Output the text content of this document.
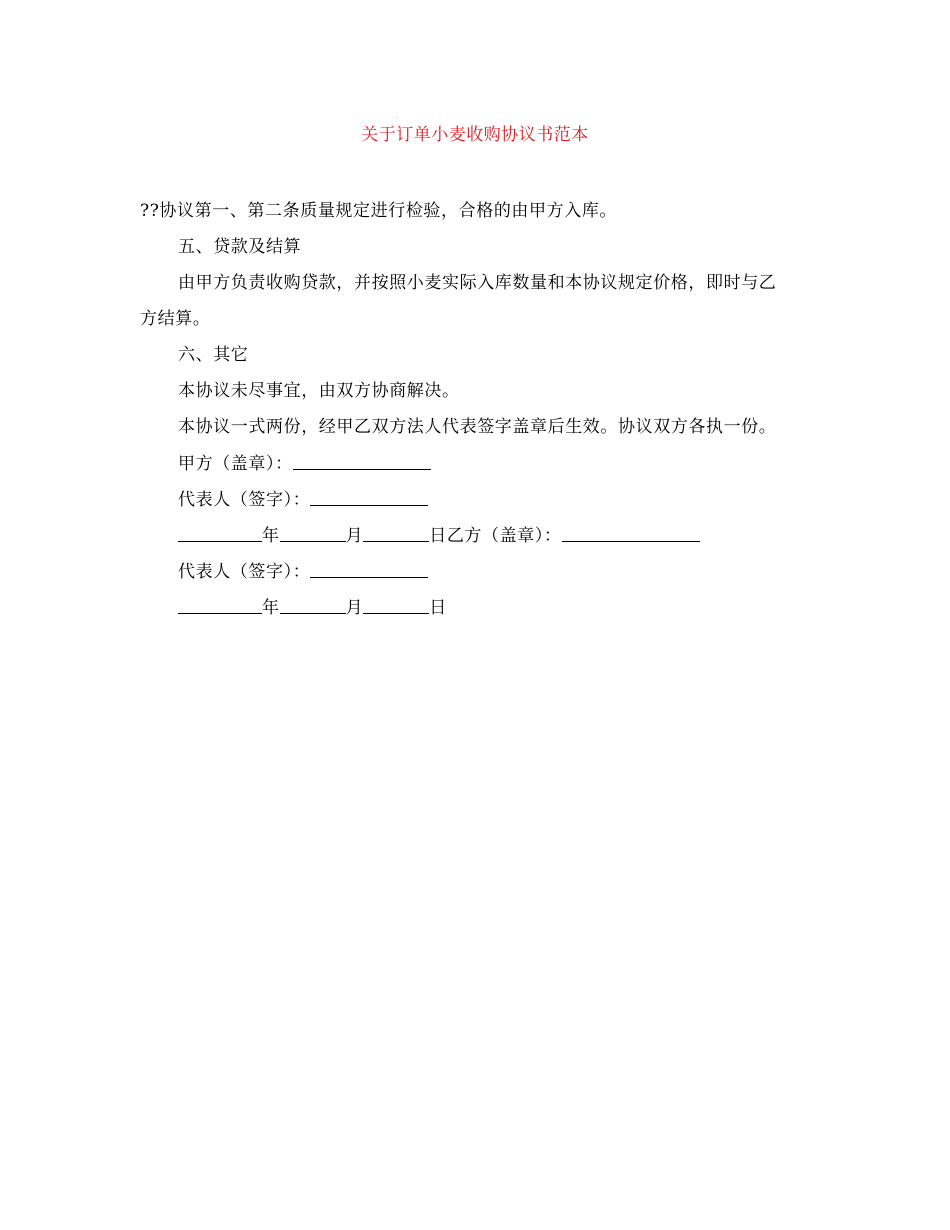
关于订单小麦收购协议书范本
??协议第一、第二条质量规定进行检验，合格的由甲方入库。
五、贷款及结算
由甲方负责收购贷款，并按照小麦实际入库数量和本协议规定价格，即时与乙
方结算。
六、其它
本协议未尽事宜，由双方协商解决。
本协议一式两份，经甲乙双方法人代表签字盖章后生效。协议双方各执一份。
甲方（盖章）：
代表人（签字）：
年	月	日乙方（盖章）：
代表人（签字）：
年	月	日
